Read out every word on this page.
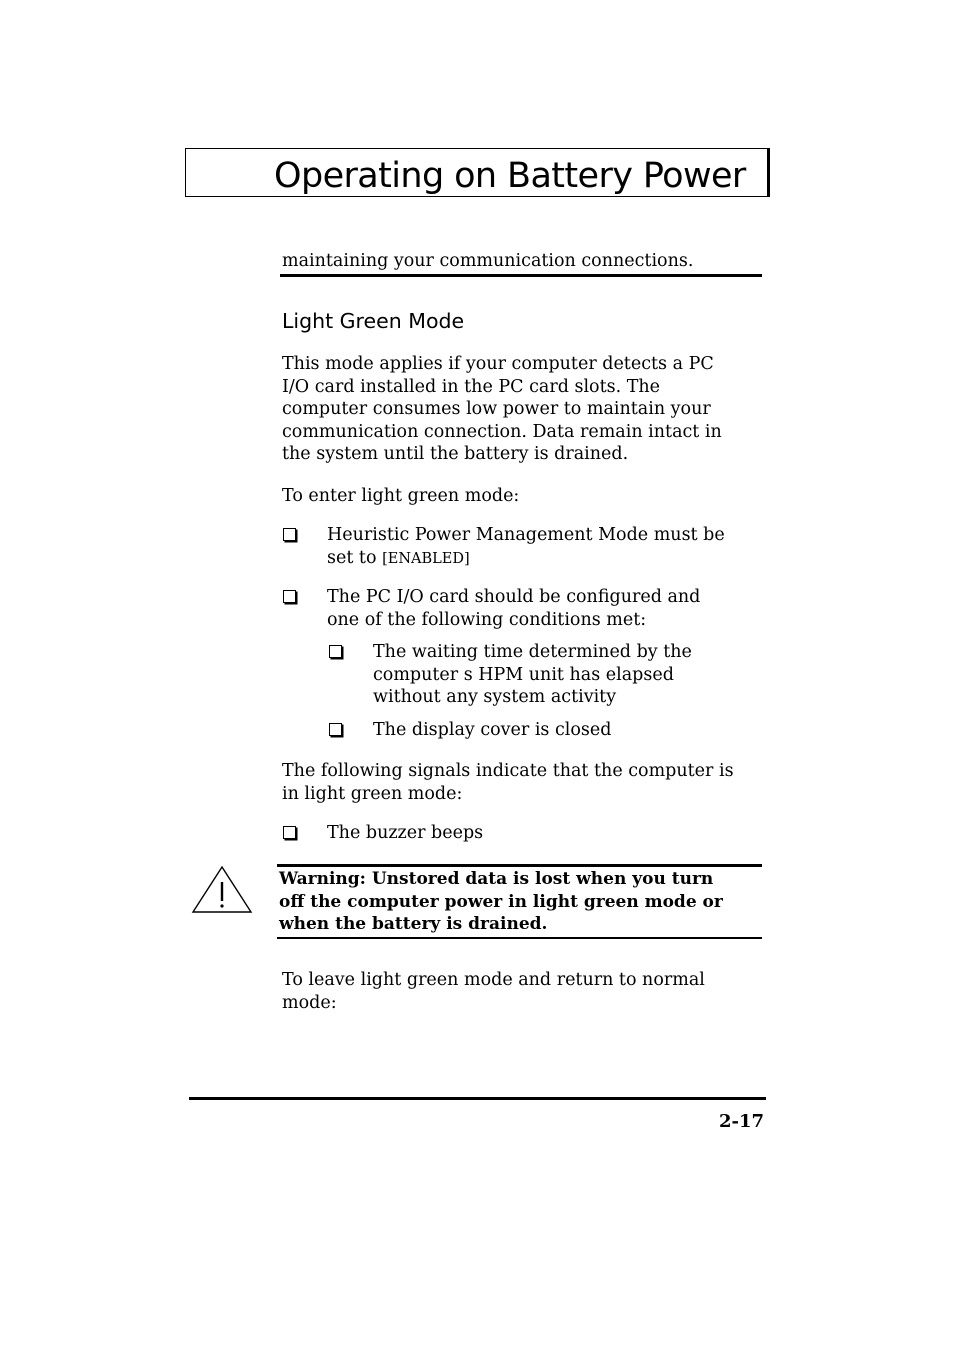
Operating on Battery Power
maintaining your communication connections.
Light Green Mode
This mode applies if your computer detects a PC
I/O card installed in the PC card slots. The
computer consumes low power to maintain your
communication connection. Data remain intact in
the system until the battery is drained.
To enter light green mode:
Heuristic Power Management Mode must be
set to [ENABLED]
The PC I/O card should be configured and
one of the following conditions met:
The waiting time determined by the
computer s HPM unit has elapsed
without any system activity
The display cover is closed
The following signals indicate that the computer is
in light green mode:
The buzzer beeps
Warning: Unstored data is lost when you turn
off the computer power in light green mode or
when the battery is drained.
To leave light green mode and return to normal
mode:
2-17
